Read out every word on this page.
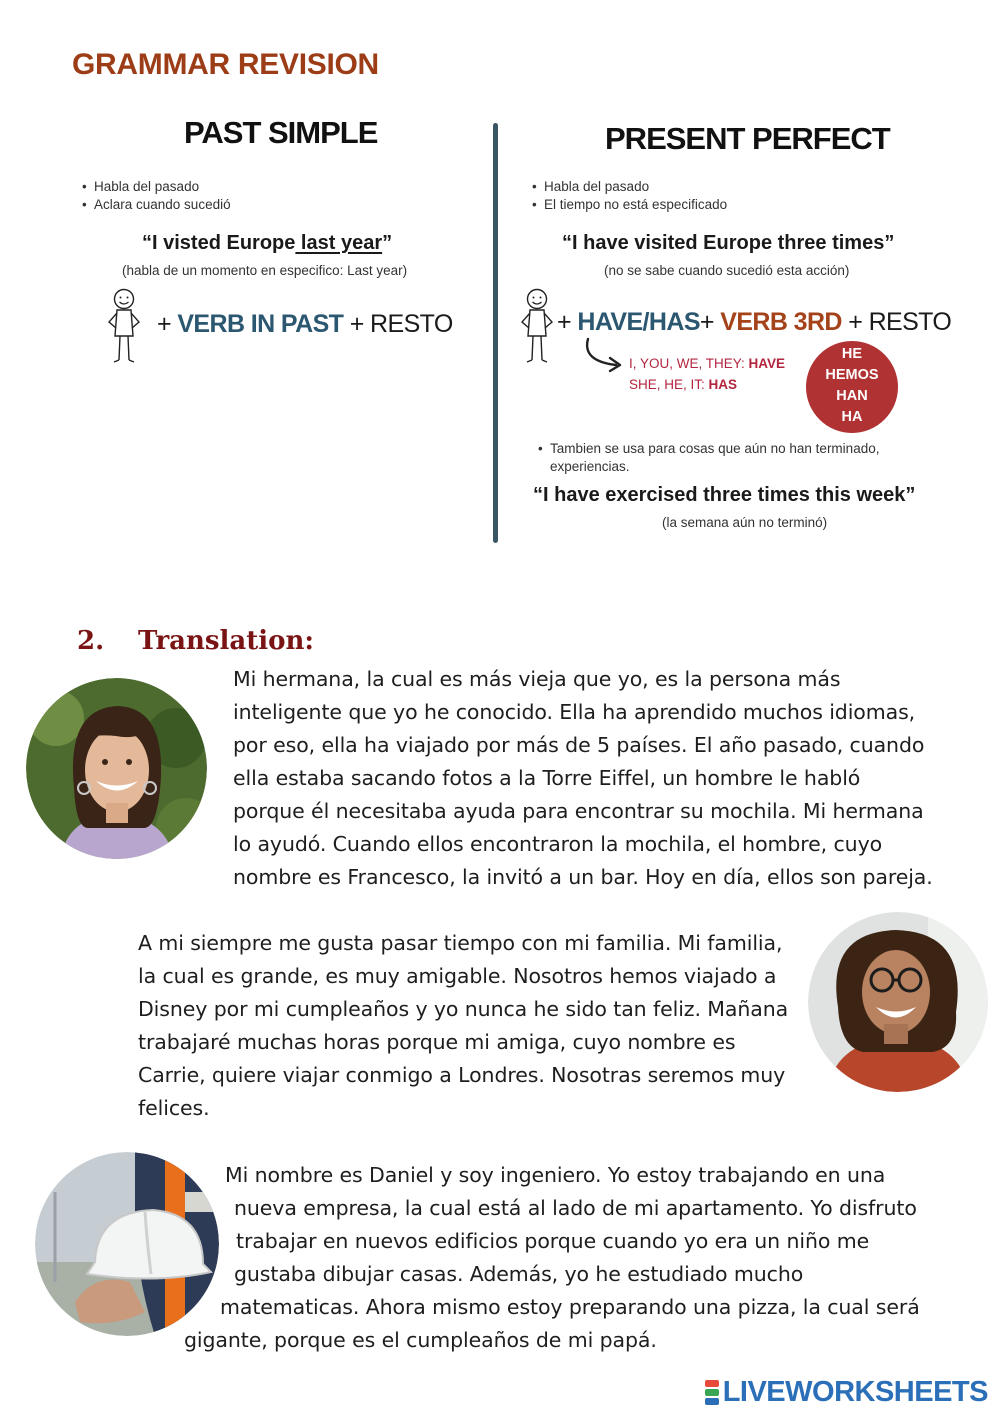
GRAMMAR REVISION
PAST SIMPLE
• Habla del pasado
• Aclara cuando sucedió
“I visted Europe last year”
(habla de un momento en especifico: Last year)
+ VERB IN PAST + RESTO
PRESENT PERFECT
• Habla del pasado
• El tiempo no está especificado
“I have visited Europe three times”
(no se sabe cuando sucedió esta acción)
+ HAVE/HAS+ VERB 3RD + RESTO
I, YOU, WE, THEY: HAVE
SHE, HE, IT: HAS
HE
HEMOS
HAN
HA
• Tambien se usa para cosas que aún no han terminado,
experiencias.
“I have exercised three times this week”
(la semana aún no terminó)
2. Translation:
Mi hermana, la cual es más vieja que yo, es la persona más
inteligente que yo he conocido. Ella ha aprendido muchos idiomas,
por eso, ella ha viajado por más de 5 países. El año pasado, cuando
ella estaba sacando fotos a la Torre Eiffel, un hombre le habló
porque él necesitaba ayuda para encontrar su mochila. Mi hermana
lo ayudó. Cuando ellos encontraron la mochila, el hombre, cuyo
nombre es Francesco, la invitó a un bar. Hoy en día, ellos son pareja.
A mi siempre me gusta pasar tiempo con mi familia. Mi familia,
la cual es grande, es muy amigable. Nosotros hemos viajado a
Disney por mi cumpleaños y yo nunca he sido tan feliz. Mañana
trabajaré muchas horas porque mi amiga, cuyo nombre es
Carrie, quiere viajar conmigo a Londres. Nosotras seremos muy
felices.
Mi nombre es Daniel y soy ingeniero. Yo estoy trabajando en una
nueva empresa, la cual está al lado de mi apartamento. Yo disfruto
trabajar en nuevos edificios porque cuando yo era un niño me
gustaba dibujar casas. Además, yo he estudiado mucho
matematicas. Ahora mismo estoy preparando una pizza, la cual será
gigante, porque es el cumpleaños de mi papá.
LIVEWORKSHEETS
